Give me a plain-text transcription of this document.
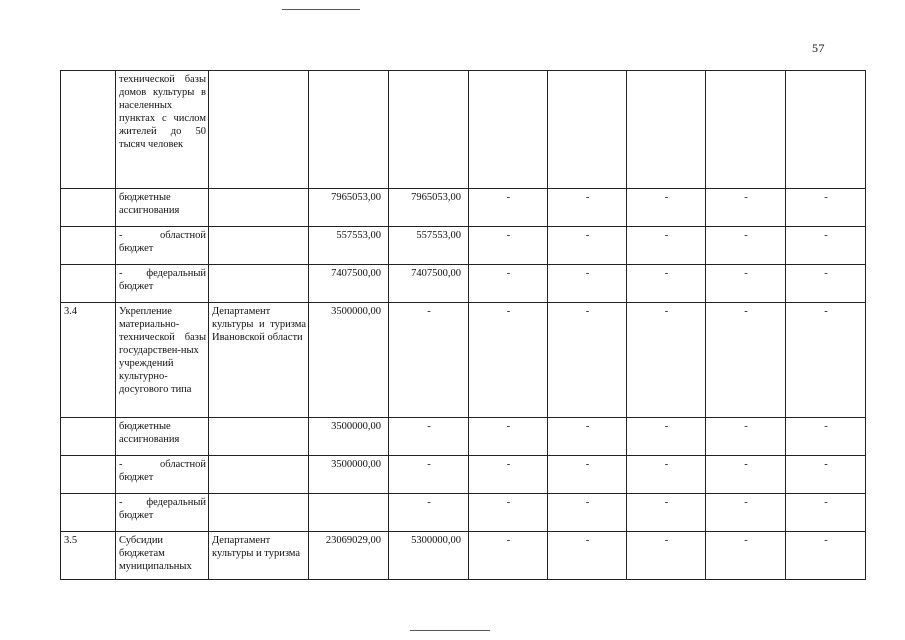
57
	технической базы домов культуры в населенных пунктах с числом жителей до 50 тысяч человек								
	бюджетные ассигнования		7965053,00	7965053,00	-	-	-	-	-
	- областной бюджет		557553,00	557553,00	-	-	-	-	-
	- федеральный бюджет		7407500,00	7407500,00	-	-	-	-	-
3.4	Укрепление материально-технической базы государствен-ных учреждений культурно-досугового типа	Департамент культуры и туризма Ивановской области	3500000,00	-	-	-	-	-	-
	бюджетные ассигнования		3500000,00	-	-	-	-	-	-
	- областной бюджет		3500000,00	-	-	-	-	-	-
	- федеральный бюджет			-	-	-	-	-	-
3.5	Субсидии бюджетам муниципальных	Департамент культуры и туризма	23069029,00	5300000,00	-	-	-	-	-
